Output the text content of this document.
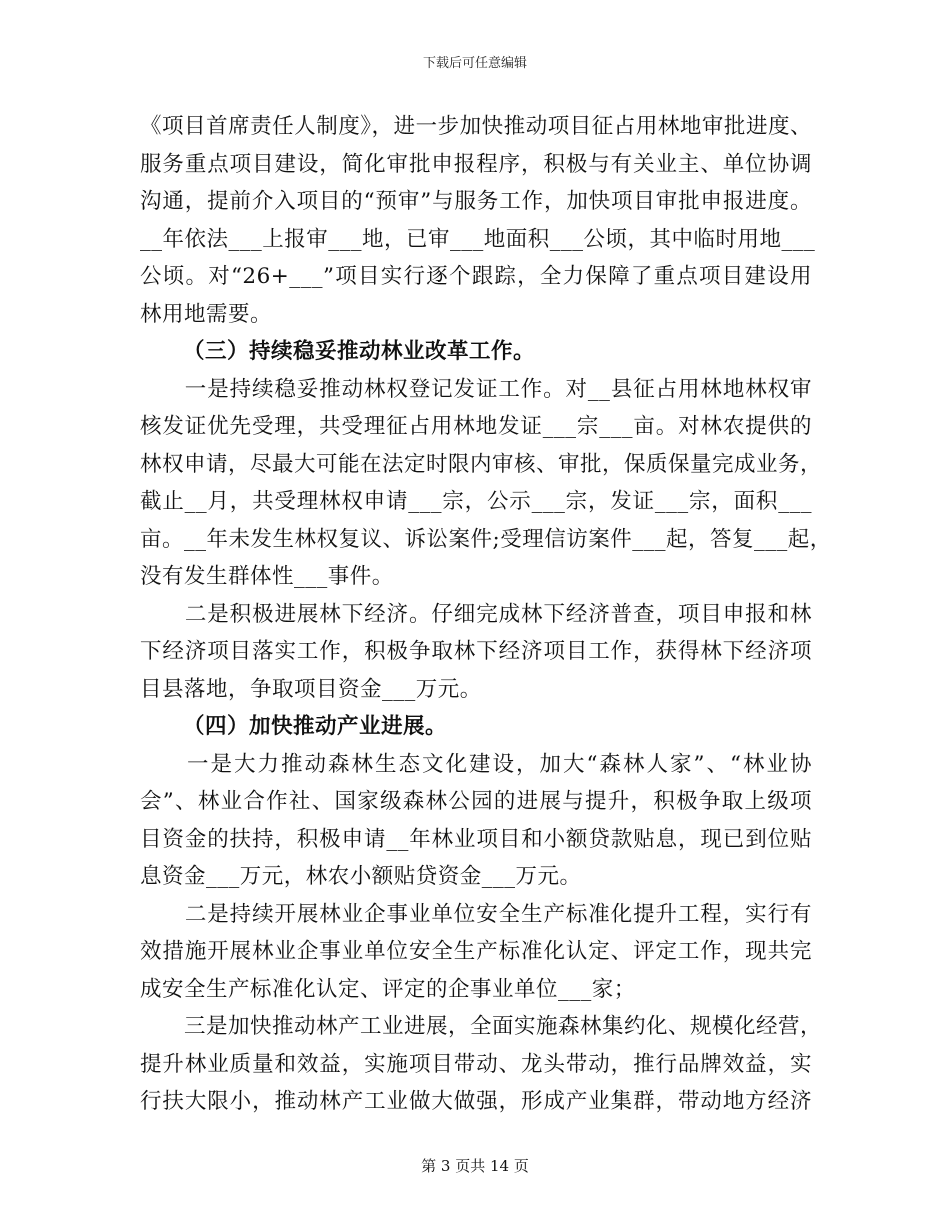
下载后可任意编辑
《项目首席责任人制度》，进一步加快推动项目征占用林地审批进度、
服务重点项目建设，简化审批申报程序，积极与有关业主、单位协调
沟通，提前介入项目的“预审”与服务工作，加快项目审批申报进度。
__年依法___上报审___地，已审___地面积___公顷，其中临时用地___
公顷。对“26+___”项目实行逐个跟踪，全力保障了重点项目建设用
林用地需要。
（三）持续稳妥推动林业改革工作。
　　一是持续稳妥推动林权登记发证工作。对__县征占用林地林权审
核发证优先受理，共受理征占用林地发证___宗___亩。对林农提供的
林权申请，尽最大可能在法定时限内审核、审批，保质保量完成业务，
截止__月，共受理林权申请___宗，公示___宗，发证___宗，面积___
亩。__年未发生林权复议、诉讼案件;受理信访案件___起，答复___起，
没有发生群体性___事件。
　　二是积极进展林下经济。仔细完成林下经济普查，项目申报和林
下经济项目落实工作，积极争取林下经济项目工作，获得林下经济项
目县落地，争取项目资金___万元。
（四）加快推动产业进展。
　　一是大力推动森林生态文化建设，加大“森林人家”、“林业协
会”、林业合作社、国家级森林公园的进展与提升，积极争取上级项
目资金的扶持，积极申请__年林业项目和小额贷款贴息，现已到位贴
息资金___万元，林农小额贴贷资金___万元。
　　二是持续开展林业企事业单位安全生产标准化提升工程，实行有
效措施开展林业企事业单位安全生产标准化认定、评定工作，现共完
成安全生产标准化认定、评定的企事业单位___家；
　　三是加快推动林产工业进展，全面实施森林集约化、规模化经营，
提升林业质量和效益，实施项目带动、龙头带动，推行品牌效益，实
行扶大限小，推动林产工业做大做强，形成产业集群，带动地方经济
第 3 页共 14 页
